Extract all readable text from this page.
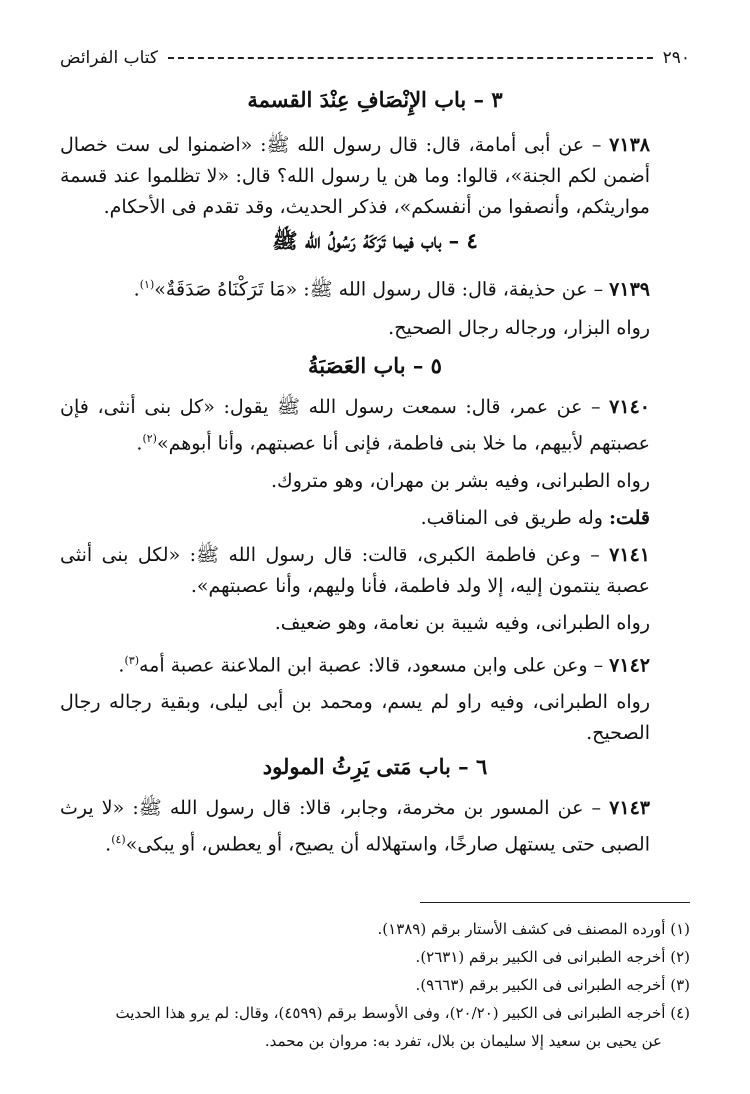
٢٩٠
كتاب الفرائض

٣ – باب الإِنْصَافِ عِنْدَ القسمة

٧١٣٨ – عن أبى أمامة، قال: قال رسول الله ﷺ: «اضمنوا لى ست خصال أضمن لكم الجنة»، قالوا: وما هن يا رسول الله؟ قال: «لا تظلموا عند قسمة مواريثكم، وأنصفوا من أنفسكم»، فذكر الحديث، وقد تقدم فى الأحكام.

٤ – باب فيما تَرَكَهُ رَسُولُ الله ﷺ

٧١٣٩ – عن حذيفة، قال: قال رسول الله ﷺ: «مَا تَرَكْنَاهُ صَدَقَةٌ»$^{(١)}$.

رواه البزار، ورجاله رجال الصحيح.

٥ – باب العَصَبَةُ

٧١٤٠ – عن عمر، قال: سمعت رسول الله ﷺ يقول: «كل بنى أنثى، فإن عصبتهم لأبيهم، ما خلا بنى فاطمة، فإنى أنا عصبتهم، وأنا أبوهم»$^{(٢)}$.

رواه الطبرانى، وفيه بشر بن مهران، وهو متروك.

قلت: وله طريق فى المناقب.

٧١٤١ – وعن فاطمة الكبرى، قالت: قال رسول الله ﷺ: «لكل بنى أنثى عصبة ينتمون إليه، إلا ولد فاطمة، فأنا وليهم، وأنا عصبتهم».

رواه الطبرانى، وفيه شيبة بن نعامة، وهو ضعيف.

٧١٤٢ – وعن على وابن مسعود، قالا: عصبة ابن الملاعنة عصبة أمه$^{(٣)}$.

رواه الطبرانى، وفيه راو لم يسم، ومحمد بن أبى ليلى، وبقية رجاله رجال الصحيح.

٦ – باب مَتى يَرِثُ المولود

٧١٤٣ – عن المسور بن مخرمة، وجابر، قالا: قال رسول الله ﷺ: «لا يرث الصبى حتى يستهل صارخًا، واستهلاله أن يصيح، أو يعطس، أو يبكى»$^{(٤)}$.

(١) أورده المصنف فى كشف الأستار برقم (١٣٨٩).

(٢) أخرجه الطبرانى فى الكبير برقم (٢٦٣١).

(٣) أخرجه الطبرانى فى الكبير برقم (٩٦٦٣).

(٤) أخرجه الطبرانى فى الكبير (٢٠/٢٠)، وفى الأوسط برقم (٤٥٩٩)، وقال: لم يرو هذا الحديث

عن يحيى بن سعيد إلا سليمان بن بلال، تفرد به: مروان بن محمد.
